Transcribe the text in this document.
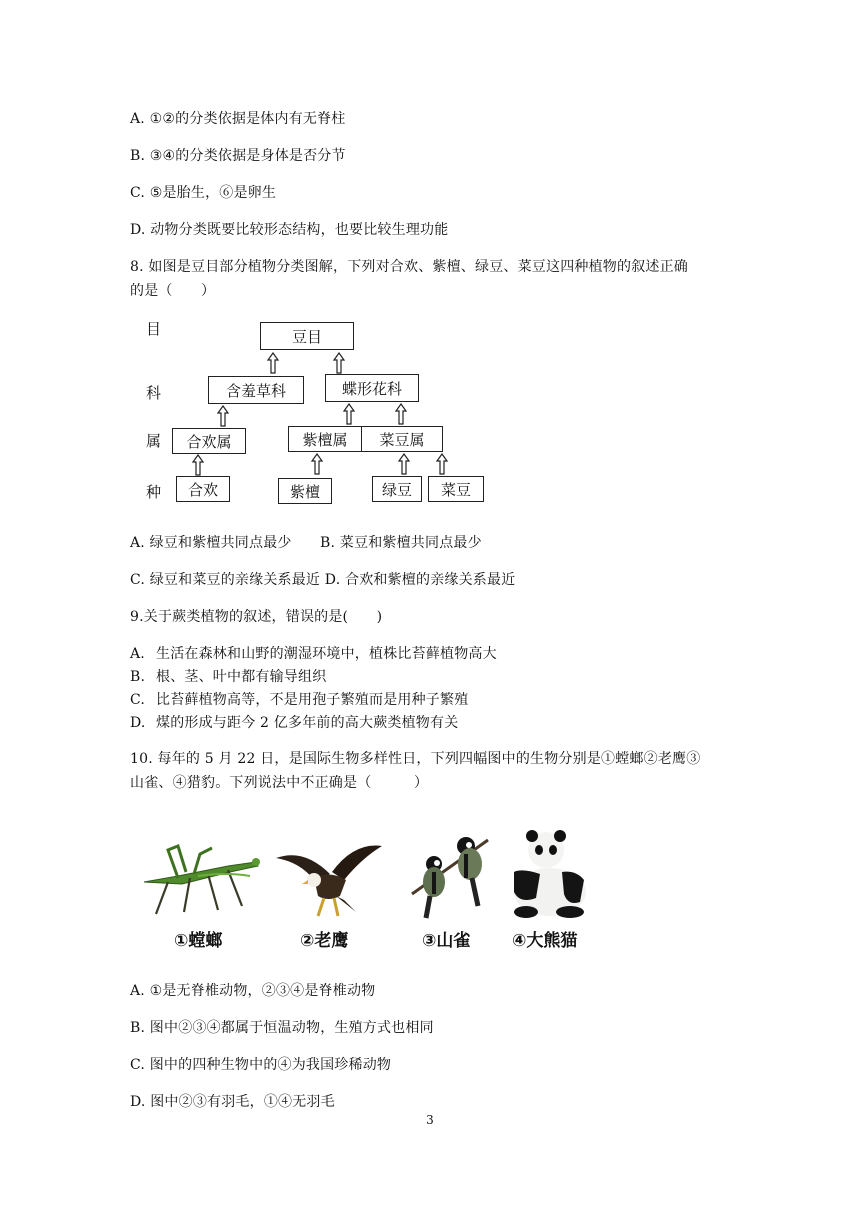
A. ①②的分类依据是体内有无脊柱
B. ③④的分类依据是身体是否分节
C. ⑤是胎生，⑥是卵生
D. 动物分类既要比较形态结构，也要比较生理功能
8. 如图是豆目部分植物分类图解，下列对合欢、紫檀、绿豆、菜豆这四种植物的叙述正确
的是（　　）
目
科
属
种
豆目
含羞草科	蝶形花科
合欢属	紫檀属	菜豆属
合欢	紫檀	绿豆	菜豆
A. 绿豆和紫檀共同点最少　　B. 菜豆和紫檀共同点最少
C. 绿豆和菜豆的亲缘关系最近 D. 合欢和紫檀的亲缘关系最近
9.关于蕨类植物的叙述，错误的是(　　)
A. 生活在森林和山野的潮湿环境中，植株比苔藓植物高大
B. 根、茎、叶中都有输导组织
C. 比苔藓植物高等，不是用孢子繁殖而是用种子繁殖
D. 煤的形成与距今 2 亿多年前的高大蕨类植物有关
10. 每年的 5 月 22 日，是国际生物多样性日，下列四幅图中的生物分别是①螳螂②老鹰③
山雀、④猎豹。下列说法中不正确是（　　　）
①螳螂	②老鹰	③山雀 ④大熊猫
A. ①是无脊椎动物，②③④是脊椎动物
B. 图中②③④都属于恒温动物，生殖方式也相同
C. 图中的四种生物中的④为我国珍稀动物
D. 图中②③有羽毛，①④无羽毛
3
